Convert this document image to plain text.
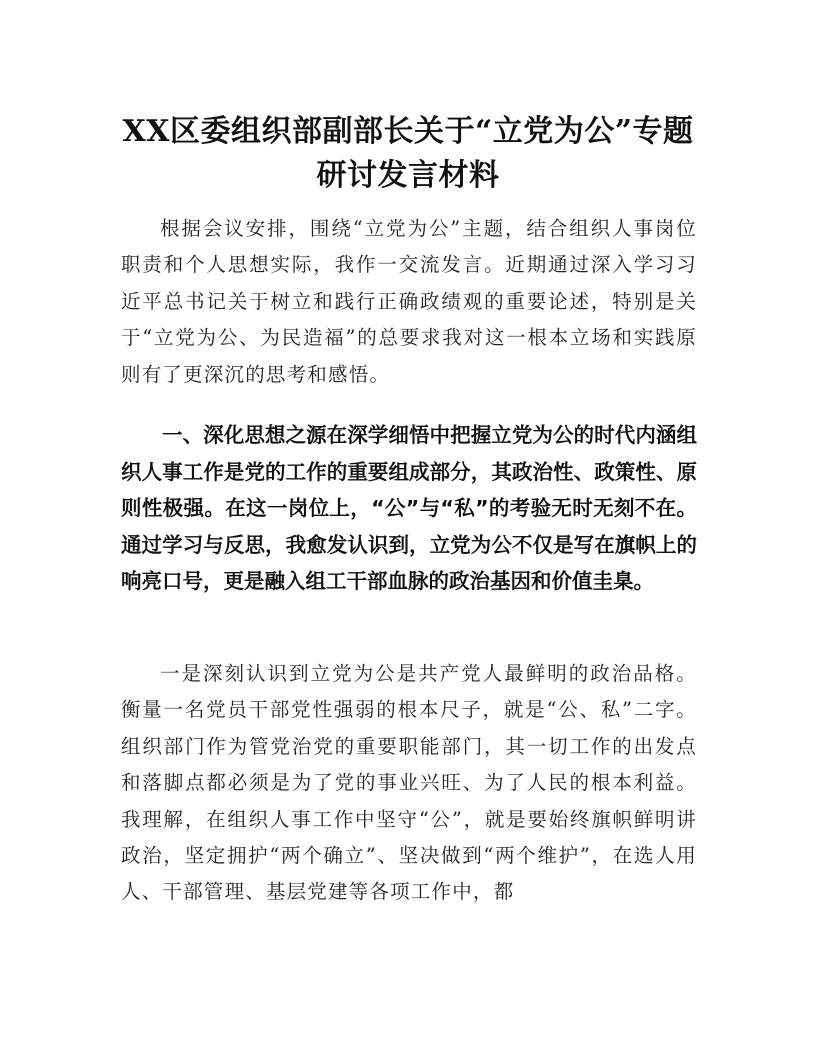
XX区委组织部副部长关于“立党为公”专题研讨发言材料

根据会议安排，围绕“立党为公”主题，结合组织人事岗位职责和个人思想实际，我作一交流发言。近期通过深入学习习近平总书记关于树立和践行正确政绩观的重要论述，特别是关于“立党为公、为民造福”的总要求我对这一根本立场和实践原则有了更深沉的思考和感悟。

一、深化思想之源在深学细悟中把握立党为公的时代内涵组织人事工作是党的工作的重要组成部分，其政治性、政策性、原则性极强。在这一岗位上，“公”与“私”的考验无时无刻不在。通过学习与反思，我愈发认识到，立党为公不仅是写在旗帜上的响亮口号，更是融入组工干部血脉的政治基因和价值圭臬。

一是深刻认识到立党为公是共产党人最鲜明的政治品格。衡量一名党员干部党性强弱的根本尺子，就是“公、私”二字。组织部门作为管党治党的重要职能部门，其一切工作的出发点和落脚点都必须是为了党的事业兴旺、为了人民的根本利益。我理解，在组织人事工作中坚守“公”，就是要始终旗帜鲜明讲政治，坚定拥护“两个确立”、坚决做到“两个维护”，在选人用人、干部管理、基层党建等各项工作中，都
